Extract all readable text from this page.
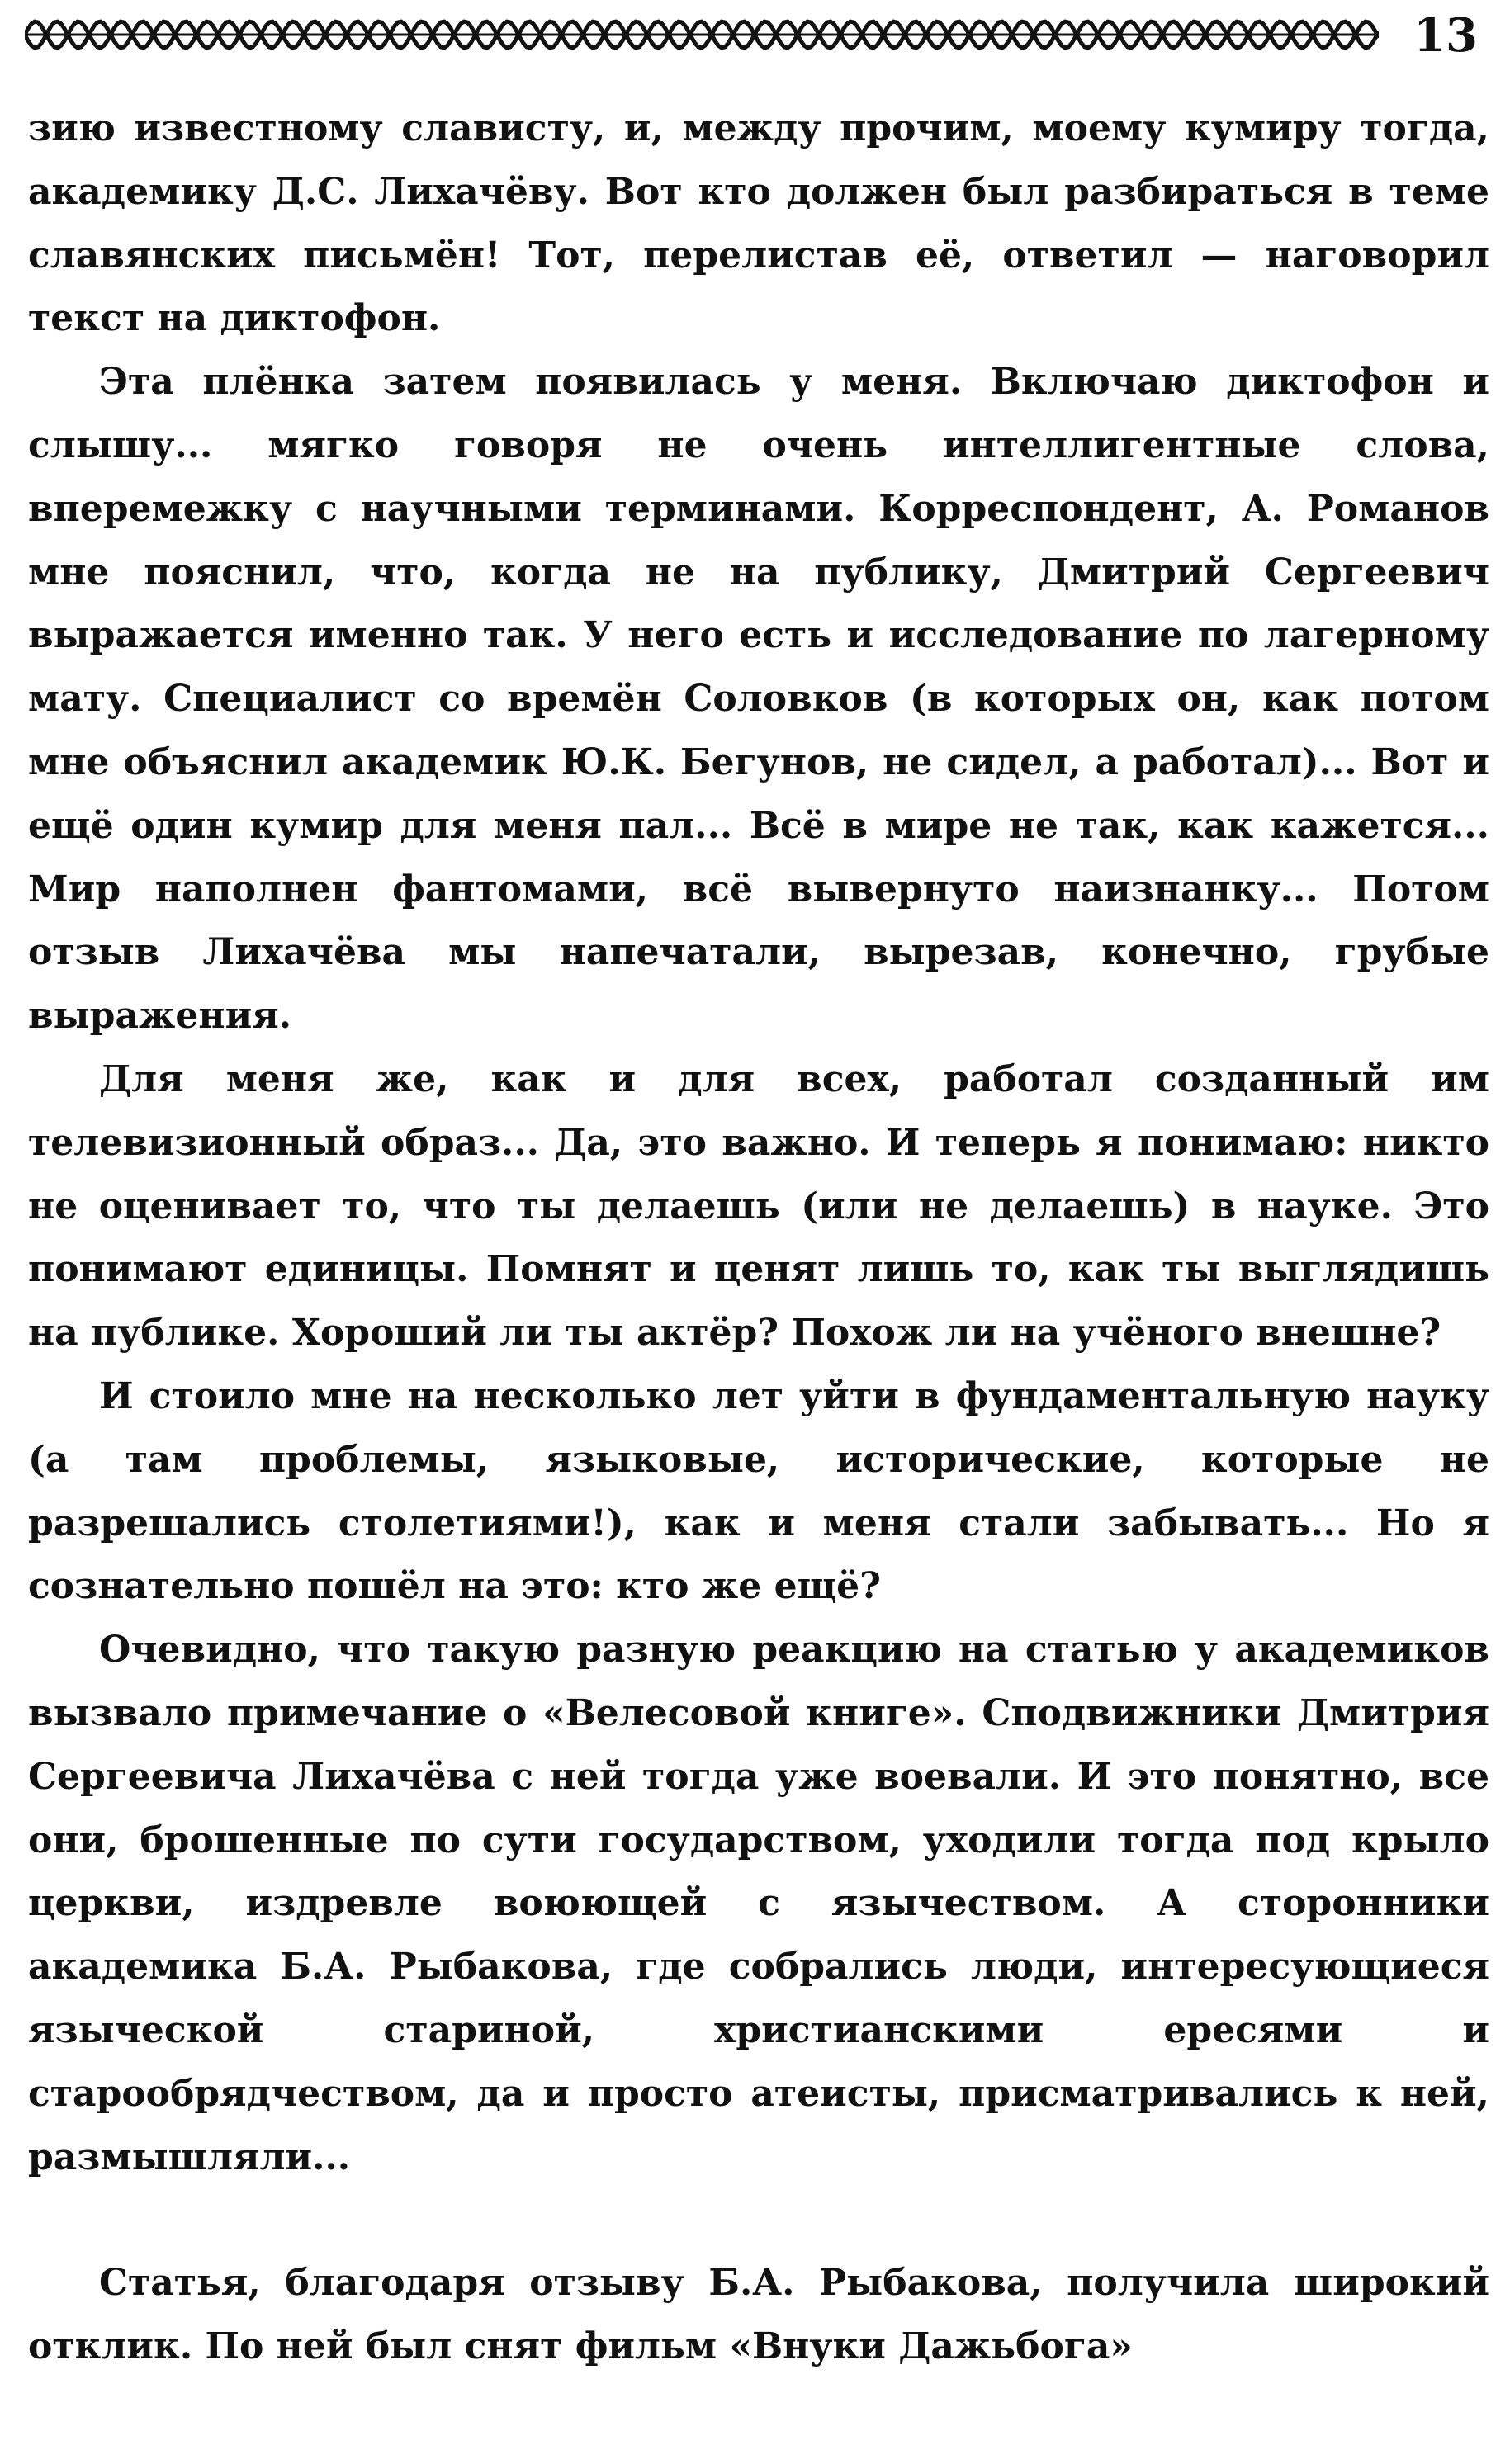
13

зию известному слависту, и, между прочим, моему кумиру тогда, академику Д.С. Лихачёву. Вот кто должен был разбираться в теме славянских письмён! Тот, перелистав её, ответил — наговорил текст на диктофон.

Эта плёнка затем появилась у меня. Включаю диктофон и слышу... мягко говоря не очень интеллигентные слова, вперемежку с научными терминами. Корреспондент, А. Романов мне пояснил, что, когда не на публику, Дмитрий Сергеевич выражается именно так. У него есть и исследование по лагерному мату. Специалист со времён Соловков (в которых он, как потом мне объяснил академик Ю.К. Бегунов, не сидел, а работал)... Вот и ещё один кумир для меня пал... Всё в мире не так, как кажется... Мир наполнен фантомами, всё вывернуто наизнанку... Потом отзыв Лихачёва мы напечатали, вырезав, конечно, грубые выражения.

Для меня же, как и для всех, работал созданный им телевизионный образ... Да, это важно. И теперь я понимаю: никто не оценивает то, что ты делаешь (или не делаешь) в науке. Это понимают единицы. Помнят и ценят лишь то, как ты выглядишь на публике. Хороший ли ты актёр? Похож ли на учёного внешне?

И стоило мне на несколько лет уйти в фундаментальную науку (а там проблемы, языковые, исторические, которые не разрешались столетиями!), как и меня стали забывать... Но я сознательно пошёл на это: кто же ещё?

Очевидно, что такую разную реакцию на статью у академиков вызвало примечание о «Велесовой книге». Сподвижники Дмитрия Сергеевича Лихачёва с ней тогда уже воевали. И это понятно, все они, брошенные по сути государством, уходили тогда под крыло церкви, издревле воюющей с язычеством. А сторонники академика Б.А. Рыбакова, где собрались люди, интересующиеся языческой стариной, христианскими ересями и старообрядчеством, да и просто атеисты, присматривались к ней, размышляли...

Статья, благодаря отзыву Б.А. Рыбакова, получила широкий отклик. По ней был снят фильм «Внуки Дажьбога»
